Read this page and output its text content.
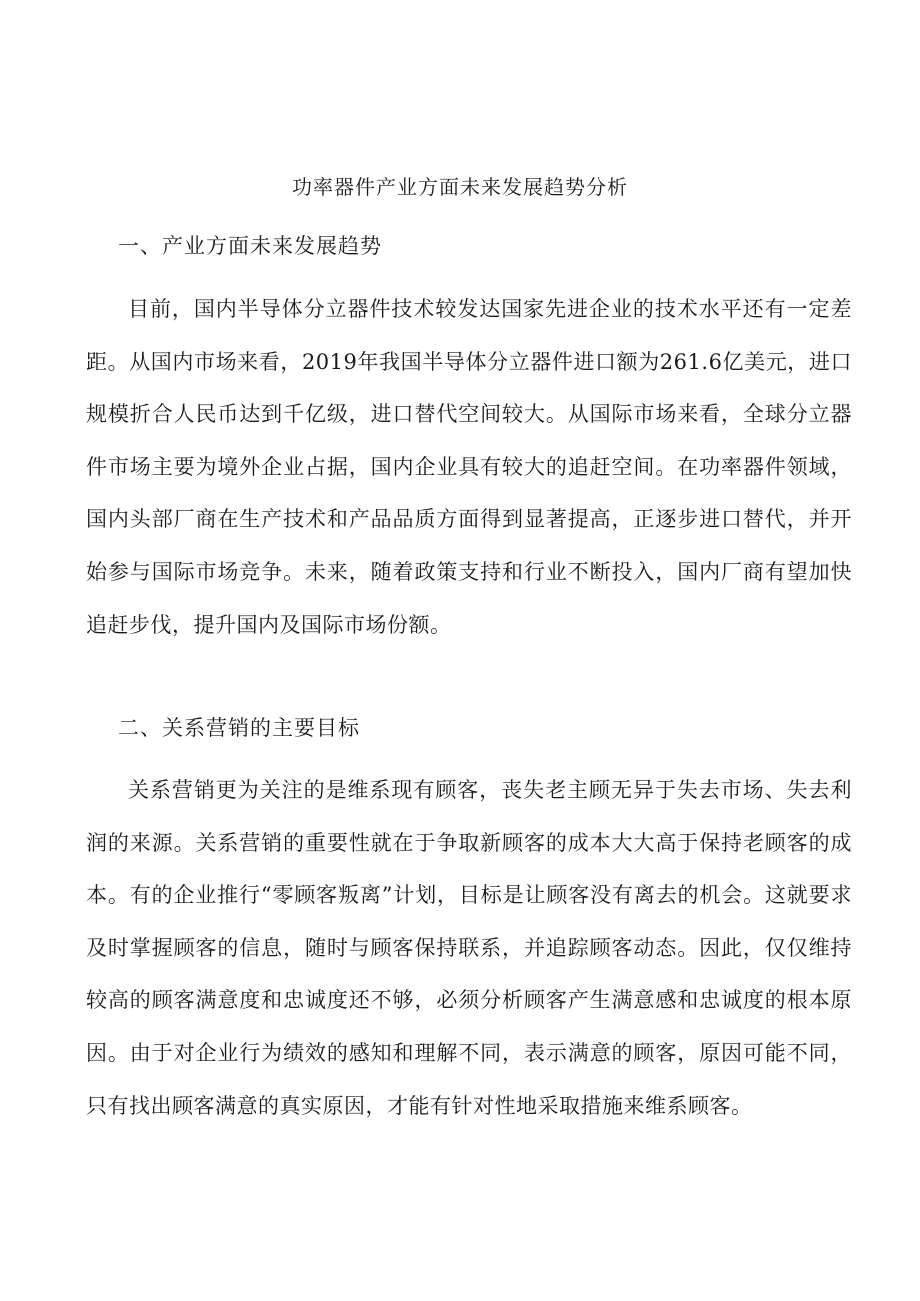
功率器件产业方面未来发展趋势分析
一、产业方面未来发展趋势

目前，国内半导体分立器件技术较发达国家先进企业的技术水平还有一定差距。从国内市场来看，2019年我国半导体分立器件进口额为261.6亿美元，进口规模折合人民币达到千亿级，进口替代空间较大。从国际市场来看，全球分立器件市场主要为境外企业占据，国内企业具有较大的追赶空间。在功率器件领域，国内头部厂商在生产技术和产品品质方面得到显著提高，正逐步进口替代，并开始参与国际市场竞争。未来，随着政策支持和行业不断投入，国内厂商有望加快追赶步伐，提升国内及国际市场份额。

二、关系营销的主要目标

关系营销更为关注的是维系现有顾客，丧失老主顾无异于失去市场、失去利润的来源。关系营销的重要性就在于争取新顾客的成本大大高于保持老顾客的成本。有的企业推行“零顾客叛离”计划，目标是让顾客没有离去的机会。这就要求及时掌握顾客的信息，随时与顾客保持联系，并追踪顾客动态。因此，仅仅维持较高的顾客满意度和忠诚度还不够，必须分析顾客产生满意感和忠诚度的根本原因。由于对企业行为绩效的感知和理解不同，表示满意的顾客，原因可能不同，只有找出顾客满意的真实原因，才能有针对性地采取措施来维系顾客。
